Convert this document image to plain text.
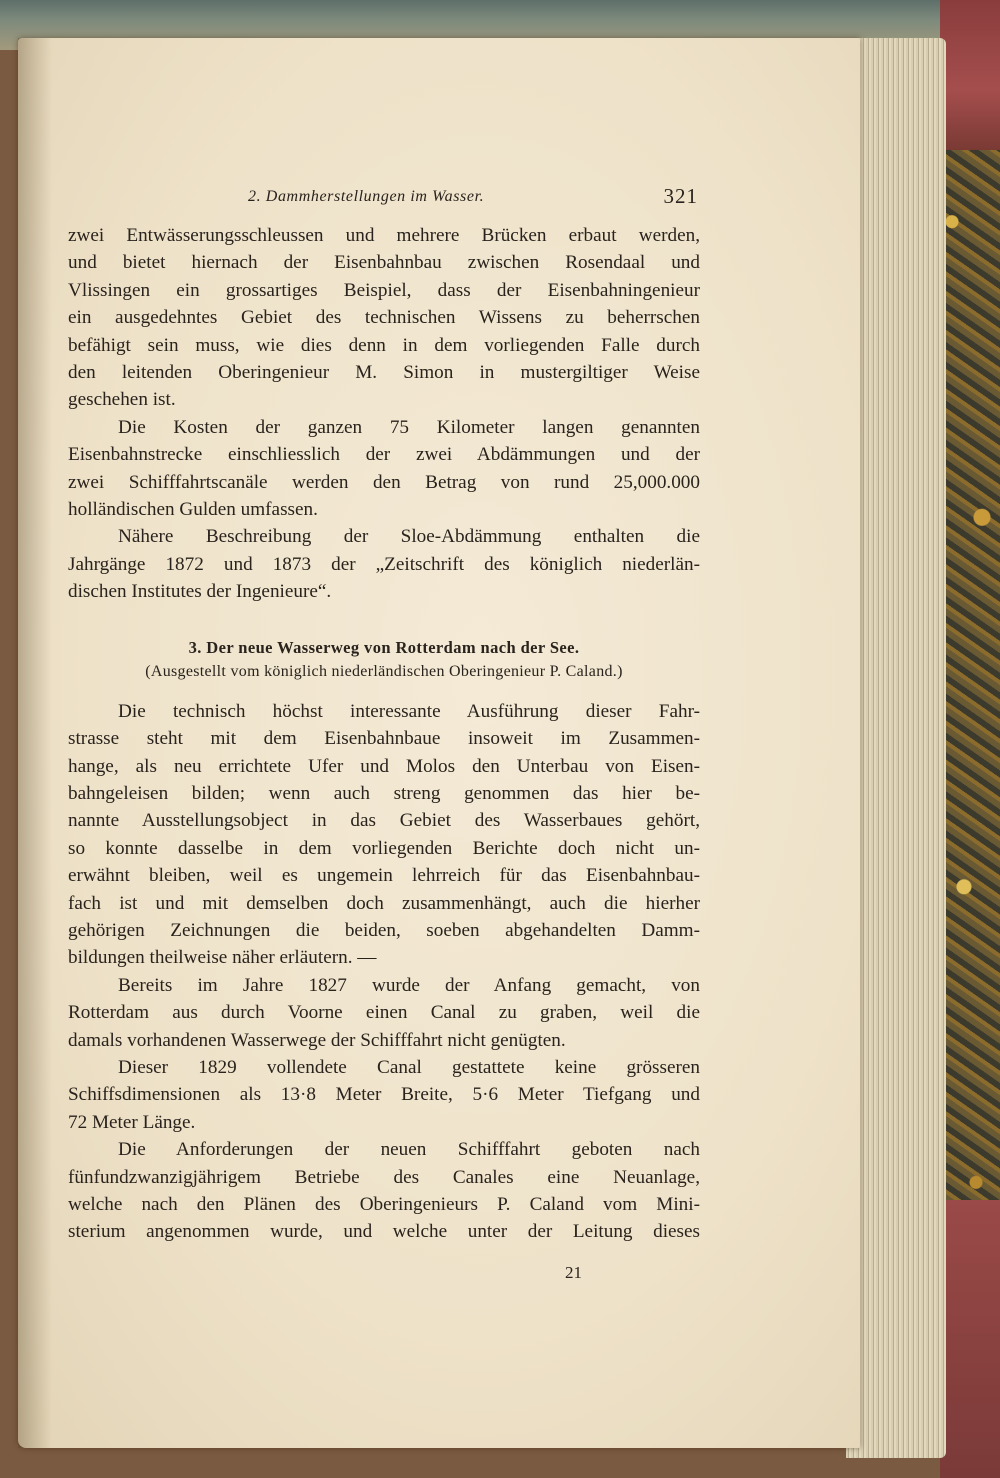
2. Dammherstellungen im Wasser.	321
zwei Entwässerungsschleussen und mehrere Brücken erbaut werden,
und bietet hiernach der Eisenbahnbau zwischen Rosendaal und
Vlissingen ein grossartiges Beispiel, dass der Eisenbahningenieur
ein ausgedehntes Gebiet des technischen Wissens zu beherrschen
befähigt sein muss, wie dies denn in dem vorliegenden Falle durch
den leitenden Oberingenieur M. Simon in mustergiltiger Weise
geschehen ist.
Die Kosten der ganzen 75 Kilometer langen genannten
Eisenbahnstrecke einschliesslich der zwei Abdämmungen und der
zwei Schifffahrtscanäle werden den Betrag von rund 25,000.000
holländischen Gulden umfassen.
Nähere Beschreibung der Sloe-Abdämmung enthalten die
Jahrgänge 1872 und 1873 der „Zeitschrift des königlich niederlän-
dischen Institutes der Ingenieure“.

3. Der neue Wasserweg von Rotterdam nach der See.

(Ausgestellt vom königlich niederländischen Oberingenieur P. Caland.)

Die technisch höchst interessante Ausführung dieser Fahr-
strasse steht mit dem Eisenbahnbaue insoweit im Zusammen-
hange, als neu errichtete Ufer und Molos den Unterbau von Eisen-
bahngeleisen bilden; wenn auch streng genommen das hier be-
nannte Ausstellungsobject in das Gebiet des Wasserbaues gehört,
so konnte dasselbe in dem vorliegenden Berichte doch nicht un-
erwähnt bleiben, weil es ungemein lehrreich für das Eisenbahnbau-
fach ist und mit demselben doch zusammenhängt, auch die hierher
gehörigen Zeichnungen die beiden, soeben abgehandelten Damm-
bildungen theilweise näher erläutern. —
Bereits im Jahre 1827 wurde der Anfang gemacht, von
Rotterdam aus durch Voorne einen Canal zu graben, weil die
damals vorhandenen Wasserwege der Schifffahrt nicht genügten.
Dieser 1829 vollendete Canal gestattete keine grösseren
Schiffsdimensionen als 13·8 Meter Breite, 5·6 Meter Tiefgang und
72 Meter Länge.
Die Anforderungen der neuen Schifffahrt geboten nach
fünfundzwanzigjährigem Betriebe des Canales eine Neuanlage,
welche nach den Plänen des Oberingenieurs P. Caland vom Mini-
sterium angenommen wurde, und welche unter der Leitung dieses
21
